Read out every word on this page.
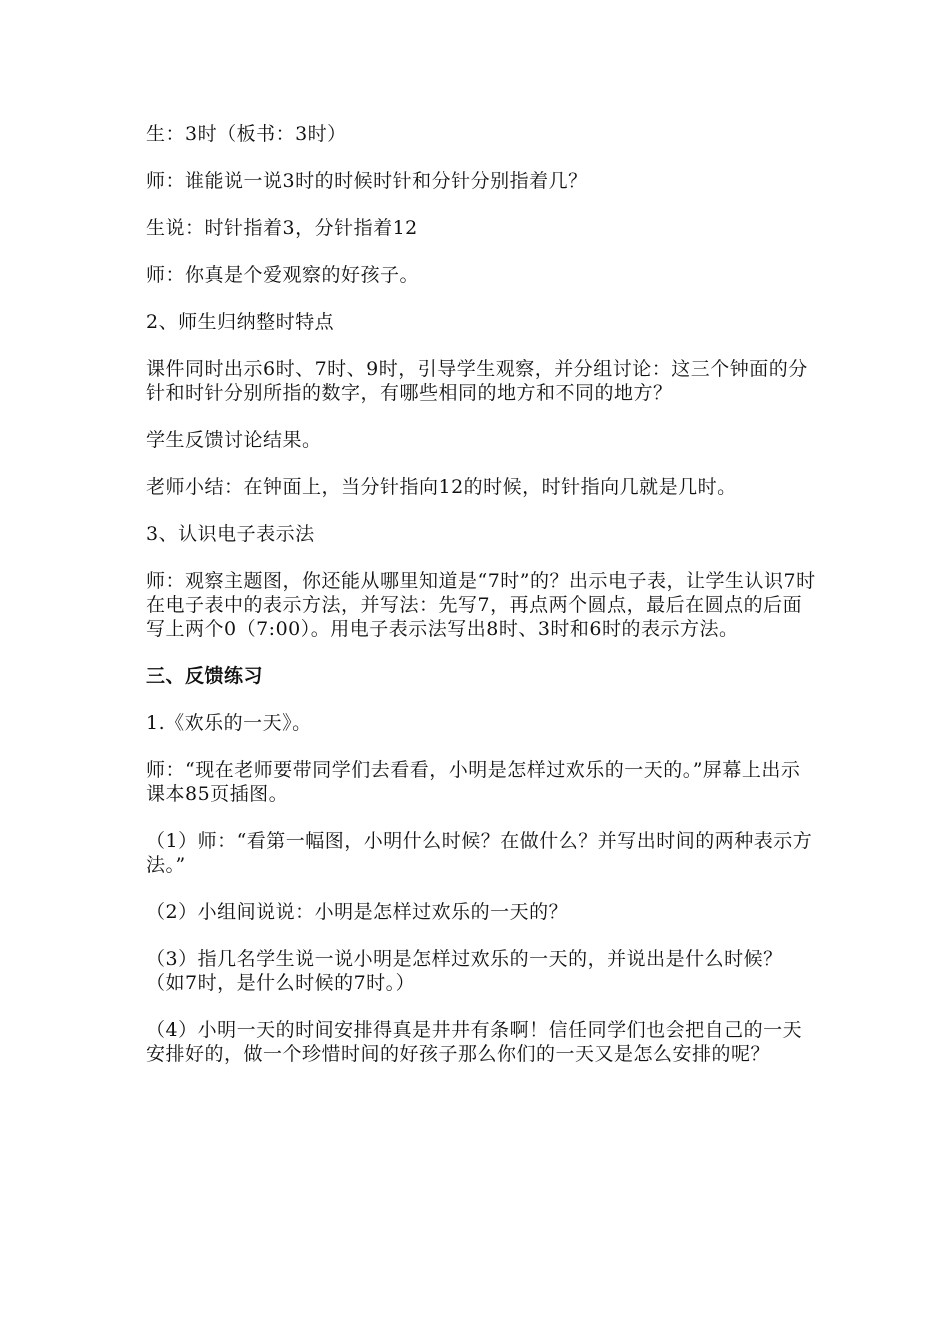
生：3时（板书：3时）

师：谁能说一说3时的时候时针和分针分别指着几？

生说：时针指着3，分针指着12

师：你真是个爱观察的好孩子。

2、师生归纳整时特点

课件同时出示6时、7时、9时，引导学生观察，并分组讨论：这三个钟面的分针和时针分别所指的数字，有哪些相同的地方和不同的地方？

学生反馈讨论结果。

老师小结：在钟面上，当分针指向12的时候，时针指向几就是几时。

3、认识电子表示法

师：观察主题图，你还能从哪里知道是“7时”的？出示电子表，让学生认识7时在电子表中的表示方法，并写法：先写7，再点两个圆点，最后在圆点的后面写上两个0（7:00）。用电子表示法写出8时、3时和6时的表示方法。

三、反馈练习

1.《欢乐的一天》。

师：“现在老师要带同学们去看看，小明是怎样过欢乐的一天的。”屏幕上出示课本85页插图。

（1）师：“看第一幅图，小明什么时候？在做什么？并写出时间的两种表示方法。”

（2）小组间说说：小明是怎样过欢乐的一天的？

（3）指几名学生说一说小明是怎样过欢乐的一天的，并说出是什么时候？（如7时，是什么时候的7时。）

（4）小明一天的时间安排得真是井井有条啊！信任同学们也会把自己的一天安排好的，做一个珍惜时间的好孩子那么你们的一天又是怎么安排的呢？
